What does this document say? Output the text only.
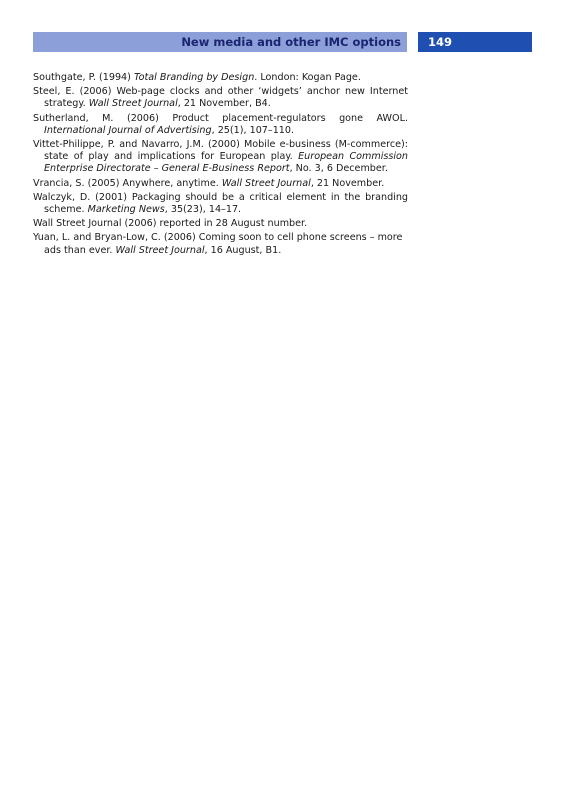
New media and other IMC options 149

Southgate, P. (1994) Total Branding by Design. London: Kogan Page.

Steel, E. (2006) Web-page clocks and other ‘widgets’ anchor new Internet strategy. Wall Street Journal, 21 November, B4.

Sutherland, M. (2006) Product placement-regulators gone AWOL. International Journal of Advertising, 25(1), 107–110.

Vittet-Philippe, P. and Navarro, J.M. (2000) Mobile e-business (M-commerce): state of play and implications for European play. European Commission Enterprise Directorate – General E-Business Report, No. 3, 6 December.

Vrancia, S. (2005) Anywhere, anytime. Wall Street Journal, 21 November.

Walczyk, D. (2001) Packaging should be a critical element in the branding scheme. Marketing News, 35(23), 14–17.

Wall Street Journal (2006) reported in 28 August number.

Yuan, L. and Bryan-Low, C. (2006) Coming soon to cell phone screens – more ads than ever. Wall Street Journal, 16 August, B1.
